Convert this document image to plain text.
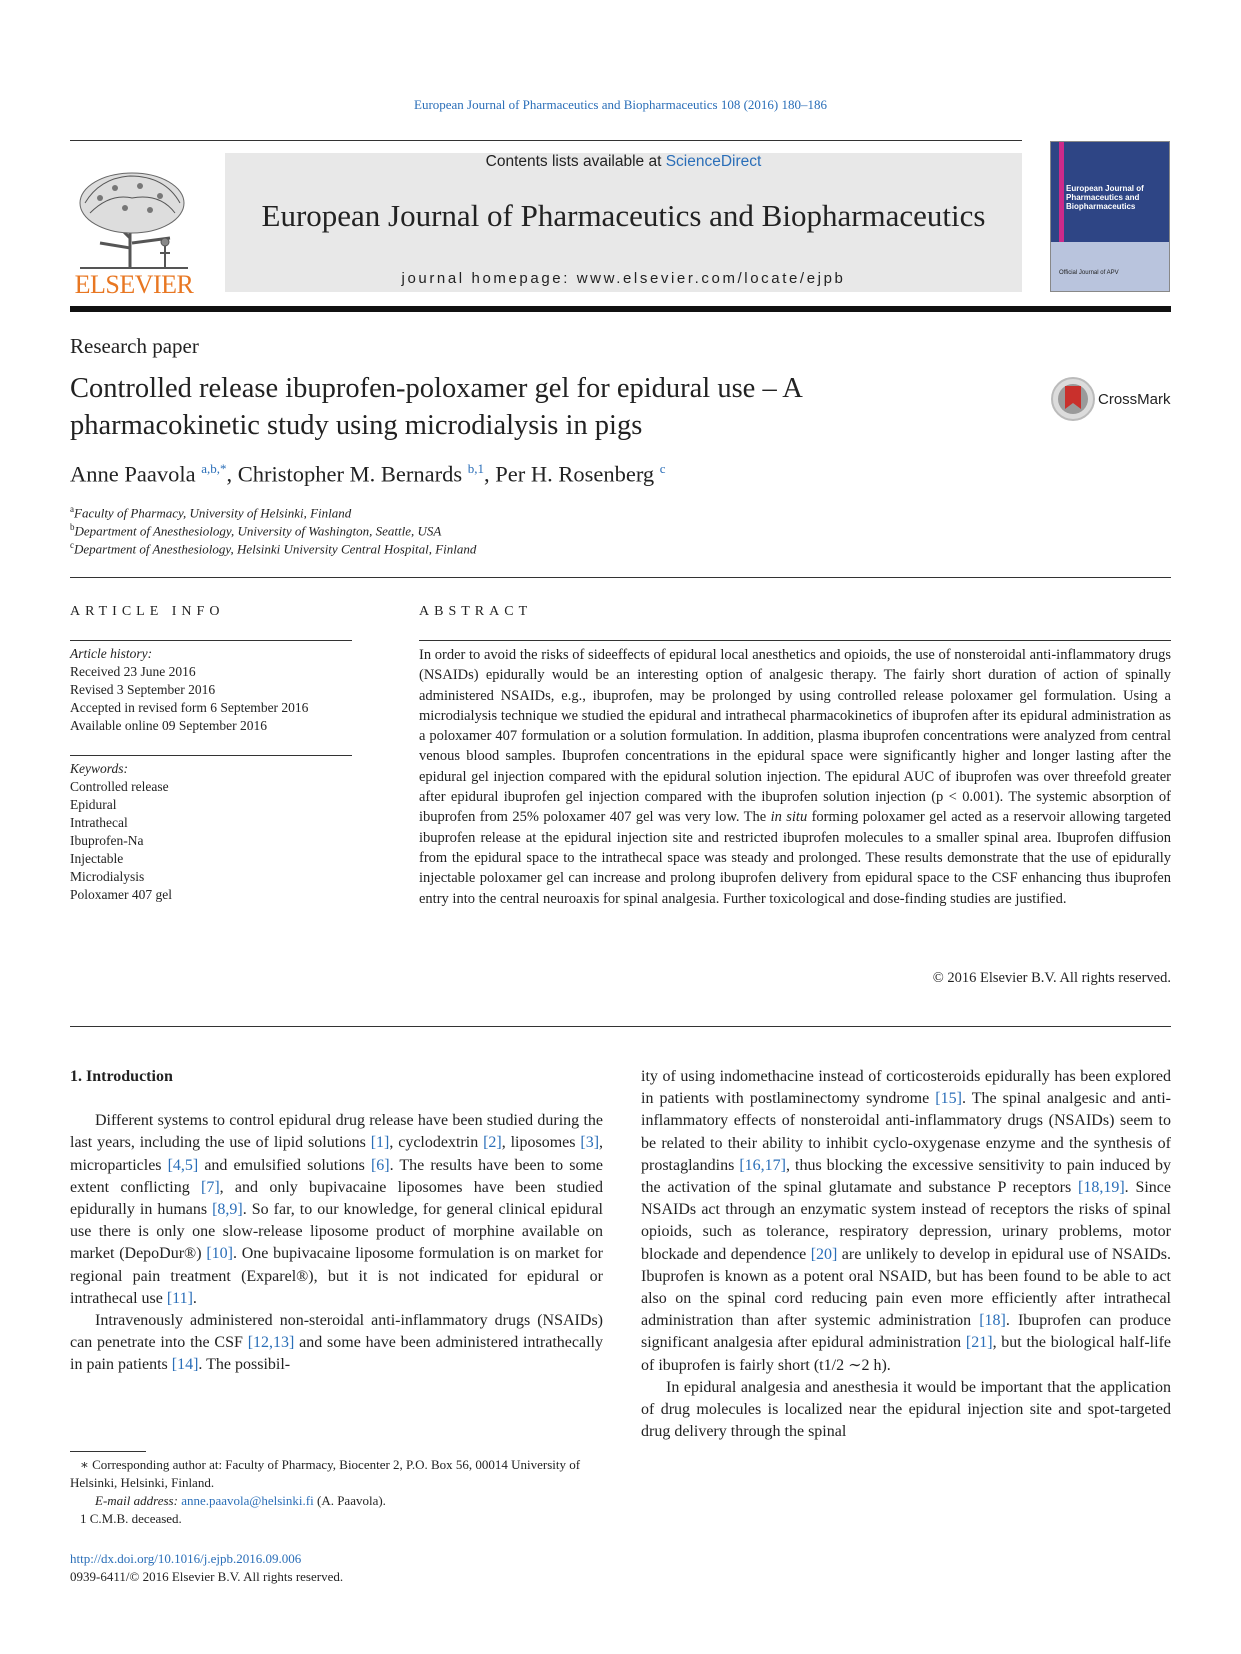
European Journal of Pharmaceutics and Biopharmaceutics 108 (2016) 180–186
ELSEVIER
Contents lists available at ScienceDirect
European Journal of Pharmaceutics and Biopharmaceutics
journal homepage: www.elsevier.com/locate/ejpb
European Journal of Pharmaceutics and Biopharmaceutics
Official Journal of APV
Research paper
Controlled release ibuprofen-poloxamer gel for epidural use – A pharmacokinetic study using microdialysis in pigs
CrossMark
Anne Paavola $^{a,b,*}$, Christopher M. Bernards $^{b,1}$, Per H. Rosenberg $^c$
$^a$Faculty of Pharmacy, University of Helsinki, Finland
$^b$Department of Anesthesiology, University of Washington, Seattle, USA
$^c$Department of Anesthesiology, Helsinki University Central Hospital, Finland
ARTICLE INFO	ABSTRACT
Article history:
Received 23 June 2016
Revised 3 September 2016
Accepted in revised form 6 September 2016
Available online 09 September 2016
Keywords:
Controlled release
Epidural
Intrathecal
Ibuprofen-Na
Injectable
Microdialysis
Poloxamer 407 gel
In order to avoid the risks of sideeffects of epidural local anesthetics and opioids, the use of nonsteroidal anti-inflammatory drugs (NSAIDs) epidurally would be an interesting option of analgesic therapy. The fairly short duration of action of spinally administered NSAIDs, e.g., ibuprofen, may be prolonged by using controlled release poloxamer gel formulation. Using a microdialysis technique we studied the epidural and intrathecal pharmacokinetics of ibuprofen after its epidural administration as a poloxamer 407 formulation or a solution formulation. In addition, plasma ibuprofen concentrations were analyzed from central venous blood samples. Ibuprofen concentrations in the epidural space were significantly higher and longer lasting after the epidural gel injection compared with the epidural solution injection. The epidural AUC of ibuprofen was over threefold greater after epidural ibuprofen gel injection compared with the ibuprofen solution injection (p < 0.001). The systemic absorption of ibuprofen from 25% poloxamer 407 gel was very low. The in situ forming poloxamer gel acted as a reservoir allowing targeted ibuprofen release at the epidural injection site and restricted ibuprofen molecules to a smaller spinal area. Ibuprofen diffusion from the epidural space to the intrathecal space was steady and prolonged. These results demonstrate that the use of epidurally injectable poloxamer gel can increase and prolong ibuprofen delivery from epidural space to the CSF enhancing thus ibuprofen entry into the central neuroaxis for spinal analgesia. Further toxicological and dose-finding studies are justified.
© 2016 Elsevier B.V. All rights reserved.
1. Introduction
Different systems to control epidural drug release have been studied during the last years, including the use of lipid solutions [1], cyclodextrin [2], liposomes [3], microparticles [4,5] and emulsified solutions [6]. The results have been to some extent conflicting [7], and only bupivacaine liposomes have been studied epidurally in humans [8,9]. So far, to our knowledge, for general clinical epidural use there is only one slow-release liposome product of morphine available on market (DepoDur®) [10]. One bupivacaine liposome formulation is on market for regional pain treatment (Exparel®), but it is not indicated for epidural or intrathecal use [11].
Intravenously administered non-steroidal anti-inflammatory drugs (NSAIDs) can penetrate into the CSF [12,13] and some have been administered intrathecally in pain patients [14]. The possibil-
ity of using indomethacine instead of corticosteroids epidurally has been explored in patients with postlaminectomy syndrome [15]. The spinal analgesic and anti-inflammatory effects of nonsteroidal anti-inflammatory drugs (NSAIDs) seem to be related to their ability to inhibit cyclo-oxygenase enzyme and the synthesis of prostaglandins [16,17], thus blocking the excessive sensitivity to pain induced by the activation of the spinal glutamate and substance P receptors [18,19]. Since NSAIDs act through an enzymatic system instead of receptors the risks of spinal opioids, such as tolerance, respiratory depression, urinary problems, motor blockade and dependence [20] are unlikely to develop in epidural use of NSAIDs. Ibuprofen is known as a potent oral NSAID, but has been found to be able to act also on the spinal cord reducing pain even more efficiently after intrathecal administration than after systemic administration [18]. Ibuprofen can produce significant analgesia after epidural administration [21], but the biological half-life of ibuprofen is fairly short (t1/2 ∼2 h).
In epidural analgesia and anesthesia it would be important that the application of drug molecules is localized near the epidural injection site and spot-targeted drug delivery through the spinal
∗ Corresponding author at: Faculty of Pharmacy, Biocenter 2, P.O. Box 56, 00014 University of Helsinki, Helsinki, Finland.
E-mail address: anne.paavola@helsinki.fi (A. Paavola).
1 C.M.B. deceased.
http://dx.doi.org/10.1016/j.ejpb.2016.09.006
0939-6411/© 2016 Elsevier B.V. All rights reserved.
